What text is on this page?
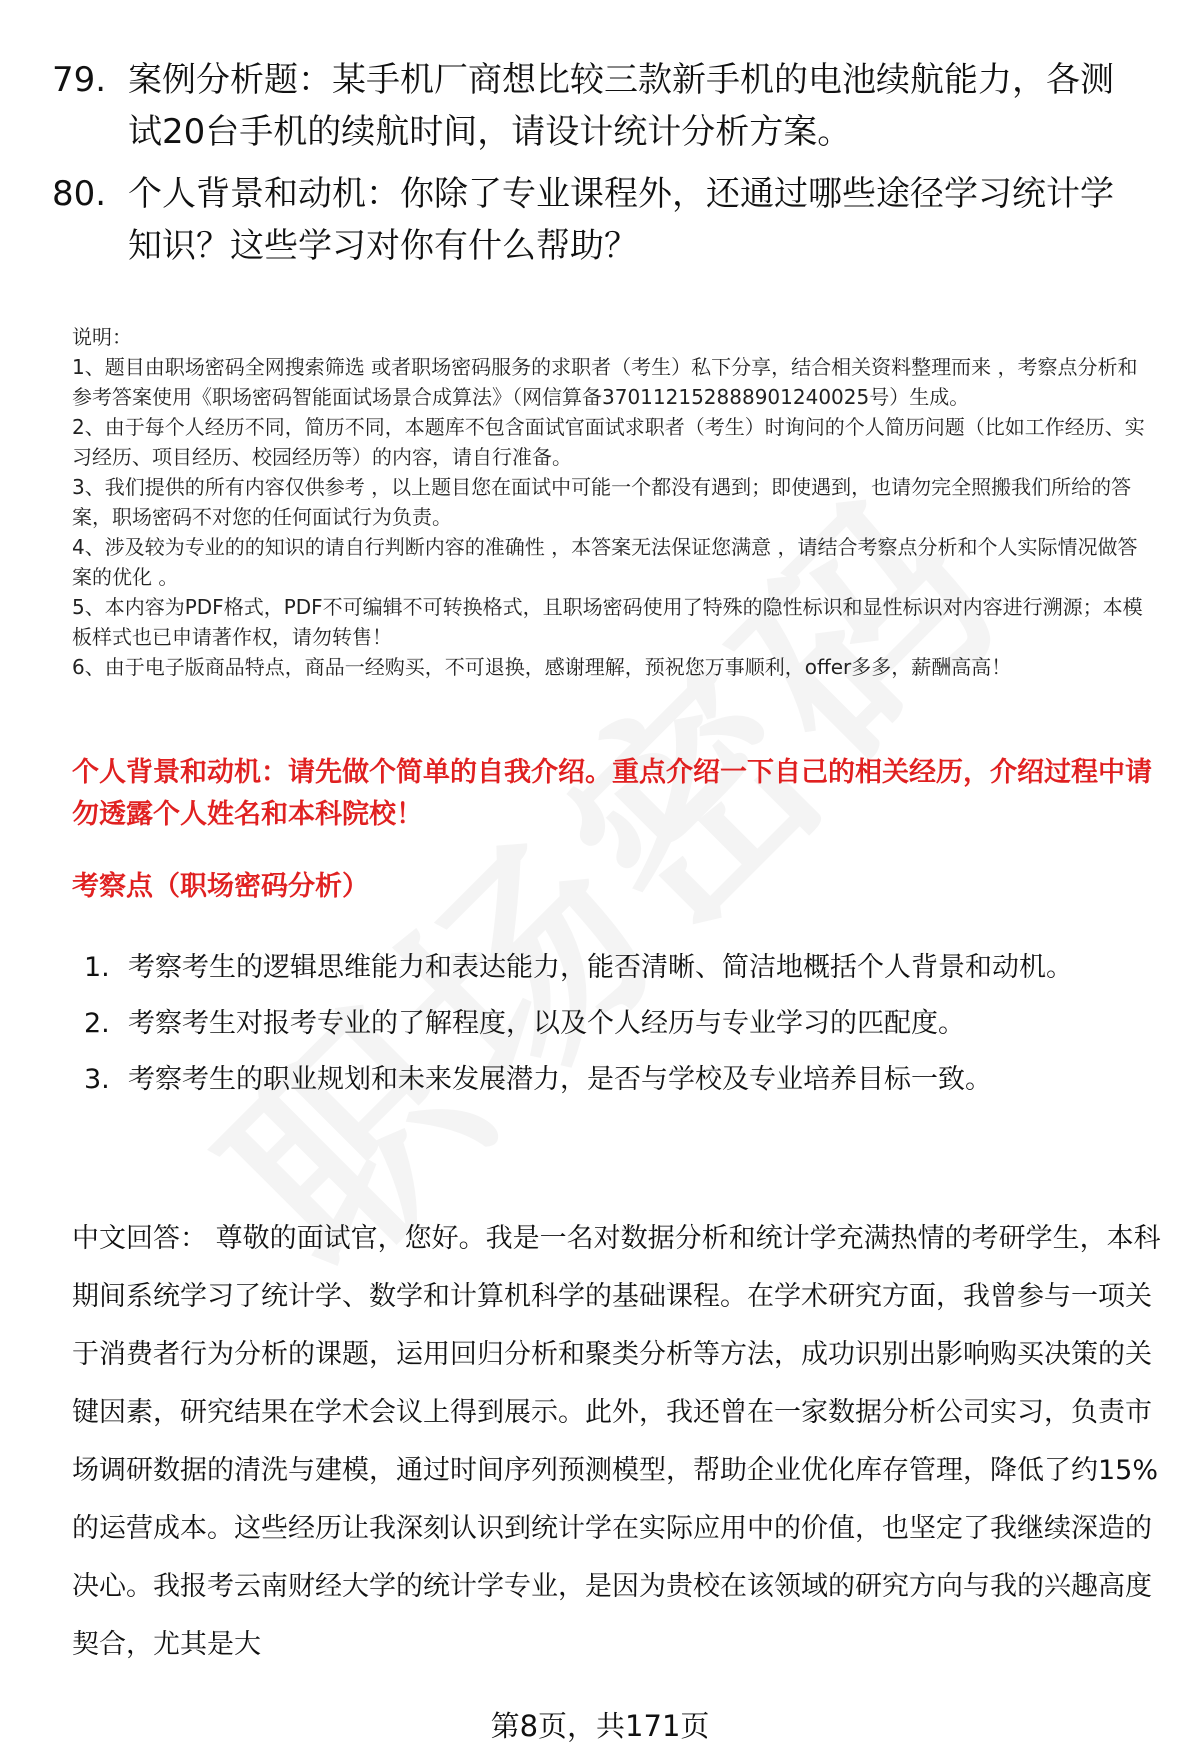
79. 案例分析题：某手机厂商想比较三款新手机的电池续航能力，各测试20台手机的续航时间，请设计统计分析方案。
80. 个人背景和动机：你除了专业课程外，还通过哪些途径学习统计学知识？这些学习对你有什么帮助？
说明：
1、题目由职场密码全网搜索筛选 或者职场密码服务的求职者（考生）私下分享，结合相关资料整理而来 ，考察点分析和参考答案使用《职场密码智能面试场景合成算法》（网信算备370112152888901240025号）生成。
2、由于每个人经历不同，简历不同，本题库不包含面试官面试求职者（考生）时询问的个人简历问题（比如工作经历、实习经历、项目经历、校园经历等）的内容，请自行准备。
3、我们提供的所有内容仅供参考 ，以上题目您在面试中可能一个都没有遇到；即使遇到，也请勿完全照搬我们所给的答案，职场密码不对您的任何面试行为负责。
4、涉及较为专业的的知识的请自行判断内容的准确性 ，本答案无法保证您满意 ，请结合考察点分析和个人实际情况做答案的优化 。
5、本内容为PDF格式，PDF不可编辑不可转换格式，且职场密码使用了特殊的隐性标识和显性标识对内容进行溯源；本模板样式也已申请著作权，请勿转售！
6、由于电子版商品特点，商品一经购买，不可退换，感谢理解，预祝您万事顺利，offer多多，薪酬高高！
个人背景和动机：请先做个简单的自我介绍。重点介绍一下自己的相关经历，介绍过程中请勿透露个人姓名和本科院校！
考察点（职场密码分析）
1. 考察考生的逻辑思维能力和表达能力，能否清晰、简洁地概括个人背景和动机。
2. 考察考生对报考专业的了解程度，以及个人经历与专业学习的匹配度。
3. 考察考生的职业规划和未来发展潜力，是否与学校及专业培养目标一致。
中文回答： 尊敬的面试官，您好。我是一名对数据分析和统计学充满热情的考研学生，本科期间系统学习了统计学、数学和计算机科学的基础课程。在学术研究方面，我曾参与一项关于消费者行为分析的课题，运用回归分析和聚类分析等方法，成功识别出影响购买决策的关键因素，研究结果在学术会议上得到展示。此外，我还曾在一家数据分析公司实习，负责市场调研数据的清洗与建模，通过时间序列预测模型，帮助企业优化库存管理，降低了约15%的运营成本。这些经历让我深刻认识到统计学在实际应用中的价值，也坚定了我继续深造的决心。我报考云南财经大学的统计学专业，是因为贵校在该领域的研究方向与我的兴趣高度契合，尤其是大
第8页，共171页
